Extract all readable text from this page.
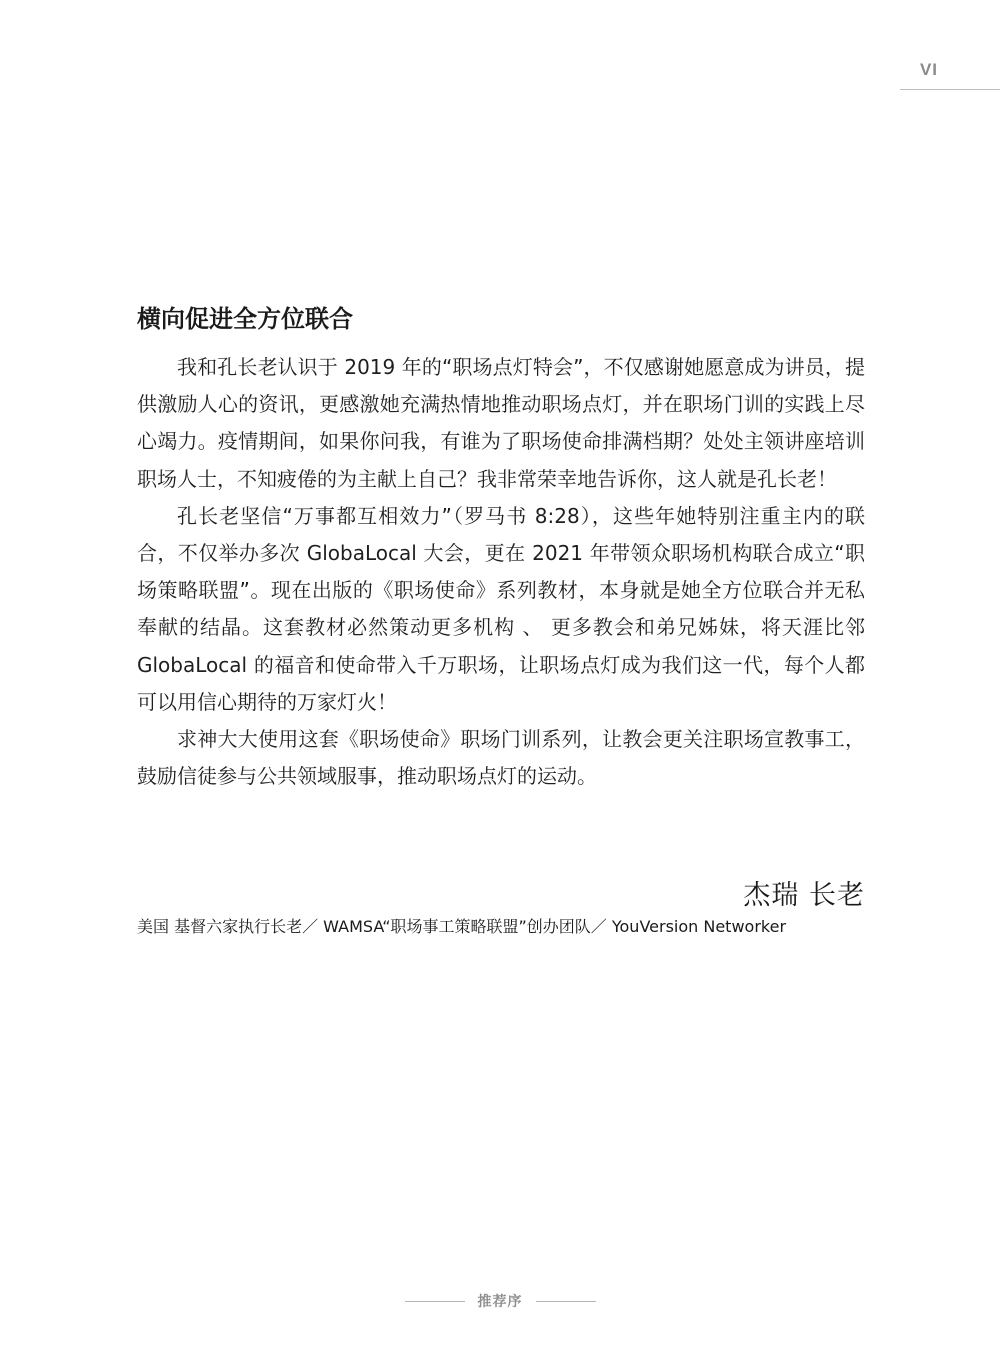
VI
横向促进全方位联合

我和孔长老认识于 2019 年的“职场点灯特会”，不仅感谢她愿意成为讲员，提供激励人心的资讯，更感激她充满热情地推动职场点灯，并在职场门训的实践上尽心竭力。疫情期间，如果你问我，有谁为了职场使命排满档期？处处主领讲座培训职场人士，不知疲倦的为主献上自己？我非常荣幸地告诉你，这人就是孔长老！

孔长老坚信“万事都互相效力”（罗马书 8:28），这些年她特别注重主内的联合，不仅举办多次 GlobaLocal 大会，更在 2021 年带领众职场机构联合成立“职场策略联盟”。现在出版的《职场使命》系列教材，本身就是她全方位联合并无私奉献的结晶。这套教材必然策动更多机构 、 更多教会和弟兄姊妹，将天涯比邻 GlobaLocal 的福音和使命带入千万职场，让职场点灯成为我们这一代，每个人都可以用信心期待的万家灯火！

求神大大使用这套《职场使命》职场门训系列，让教会更关注职场宣教事工，鼓励信徒参与公共领域服事，推动职场点灯的运动。

杰瑞 长老
美国 基督六家执行长老／ WAMSA“职场事工策略联盟”创办团队／ YouVersion Networker
推荐序
